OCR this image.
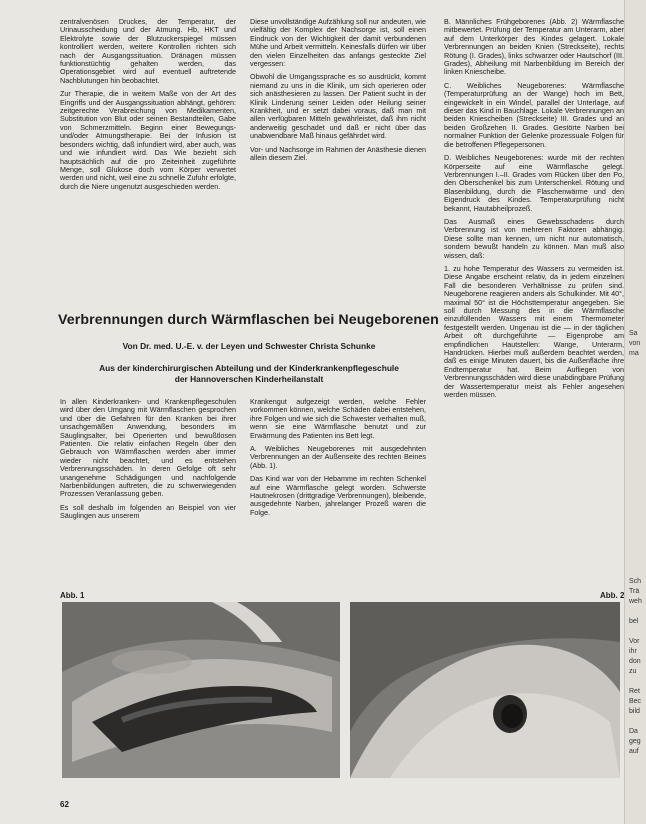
zentralvenösen Druckes, der Temperatur, der Urinausscheidung und der Atmung. Hb, HKT und Elektrolyte sowie der Blutzuckerspiegel müssen kontrolliert werden, weitere Kontrollen richten sich nach der Ausgangssituation. Dränagen müssen funktionstüchtig gehalten werden, das Operationsgebiet wird auf eventuell auftretende Nachblutungen hin beobachtet.

Zur Therapie, die in weitem Maße von der Art des Eingriffs und der Ausgangssituation abhängt, gehören: zeitgerechte Verabreichung von Medikamenten, Substitution von Blut oder seinen Bestandteilen, Gabe von Schmerzmitteln. Beginn einer Bewegungs- und/oder Atmungstherapie. Bei der Infusion ist besonders wichtig, daß infundiert wird, aber auch, was und wie infundiert wird. Das Wie bezieht sich hauptsächlich auf die pro Zeiteinheit zugeführte Menge, soll Glukose doch vom Körper verwertet werden und nicht, weil eine zu schnelle Zufuhr erfolgte, durch die Niere ungenutzt ausgeschieden werden.

Diese unvollständige Aufzählung soll nur andeuten, wie vielfältig der Komplex der Nachsorge ist, soll einen Eindruck von der Wichtigkeit der damit verbundenen Mühe und Arbeit vermitteln. Keinesfalls dürfen wir über den vielen Einzelheiten das anfangs gesteckte Ziel vergessen:

Obwohl die Umgangssprache es so ausdrückt, kommt niemand zu uns in die Klinik, um sich operieren oder sich anästhesieren zu lassen. Der Patient sucht in der Klinik Linderung seiner Leiden oder Heilung seiner Krankheit, und er setzt dabei voraus, daß man mit allen verfügbaren Mitteln gewährleistet, daß ihm nicht anderweitig geschadet und daß er nicht über das unabwendbare Maß hinaus gefährdet wird.

Vor- und Nachsorge im Rahmen der Anästhesie dienen allein diesem Ziel.

B. Männliches Frühgeborenes (Abb. 2) Wärmflasche mitbewertet. Prüfung der Temperatur am Unterarm, aber auf dem Unterkörper des Kindes gelagert. Lokale Verbrennungen an beiden Knien (Streckseite), rechts Rötung (I. Grades), links schwarzer oder Hautschorf (III. Grades), Abheilung mit Narbenbildung im Bereich der linken Kniescheibe.

C. Weibliches Neugeborenes: Wärmflasche (Temperaturprüfung an der Wange) hoch im Bett, eingewickelt in ein Windel, parallel der Unterlage, auf dieser das Kind in Bauchlage. Lokale Verbrennungen an beiden Kniescheiben (Streckseite) III. Grades und an beiden Großzehen II. Grades. Gestörte Narben bei normalner Funktion der Gelenke prozessuale Folgen für die betroffenen Pflegepersonen.

D. Weibliches Neugeborenes: wurde mit der rechten Körperseite auf eine Wärmflasche gelegt. Verbrennungen I.–II. Grades vom Rücken über den Po, den Oberschenkel bis zum Unterschenkel. Rötung und Blasenbildung, durch die Flaschenwärme und den Eigendruck des Kindes. Temperaturprüfung nicht bekannt, Hautabheilprozeß.

Das Ausmaß eines Gewebsschadens durch Verbrennung ist von mehreren Faktoren abhängig. Diese sollte man kennen, um nicht nur automatisch, sondern bewußt handeln zu können. Man muß also wissen, daß:

1. zu hohe Temperatur des Wassers zu vermeiden ist. Diese Angabe erscheint relativ, da in jedem einzelnen Fall die besonderen Verhältnisse zu prüfen sind. Neugeborene reagieren anders als Schulkinder. Mit 40°, maximal 50° ist die Höchsttemperatur angegeben. Sie soll durch Messung des in die Wärmflasche einzufüllenden Wassers mit einem Thermometer festgestellt werden. Ungenau ist die — in der täglichen Arbeit oft durchgeführte — Eigenprobe am empfindlichen Hautstellen: Wange, Unterarm, Handrücken. Hierbei muß außerdem beachtet werden, daß es einige Minuten dauert, bis die Außenfläche ihre Endtemperatur hat. Beim Aufliegen von Verbrennungsschäden wird diese unabdingbare Prüfung der Wassertemperatur meist als Fehler angesehen werden müssen.

Verbrennungen durch Wärmflaschen bei Neugeborenen
Von Dr. med. U.-E. v. der Leyen und Schwester Christa Schunke
Aus der kinderchirurgischen Abteilung und der Kinderkrankenpflegeschule
der Hannoverschen Kinderheilanstalt

In allen Kinderkranken- und Krankenpflegeschulen wird über den Umgang mit Wärmflaschen gesprochen und über die Gefahren für den Kranken bei ihrer unsachgemäßen Anwendung, besonders im Säuglingsalter, bei Operierten und bewußtlosen Patienten. Die relativ einfachen Regeln über den Gebrauch von Wärmflaschen werden aber immer wieder nicht beachtet, und es entstehen Verbrennungsschäden. In deren Gefolge oft sehr unangenehme Schädigungen und nachfolgende Narbenbildungen auftreten, die zu schwerwiegenden Prozessen Veranlassung geben.

Es soll deshalb im folgenden an Beispiel von vier Säuglingen aus unserem

Krankengut aufgezeigt werden, welche Fehler vorkommen können, welche Schäden dabei entstehen, ihre Folgen und wie sich die Schwester verhalten muß, wenn sie eine Wärmflasche benutzt und zur Erwärmung des Patienten ins Bett legt.

A. Weibliches Neugeborenes mit ausgedehnten Verbrennungen an der Außenseite des rechten Beines (Abb. 1).

Das Kind war von der Hebamme im rechten Schenkel auf eine Wärmflasche gelegt worden. Schwerste Hautnekrosen (drittgradige Verbrennungen), bleibende, ausgedehnte Narben, jahrelanger Prozeß waren die Folge.

Abb. 1	Abb. 2
62
Sa
von
ma
Sch
Trä
weh
bel
Vor
ihr
don
zu
Ret
Bec
bild
Da
geg
auf
